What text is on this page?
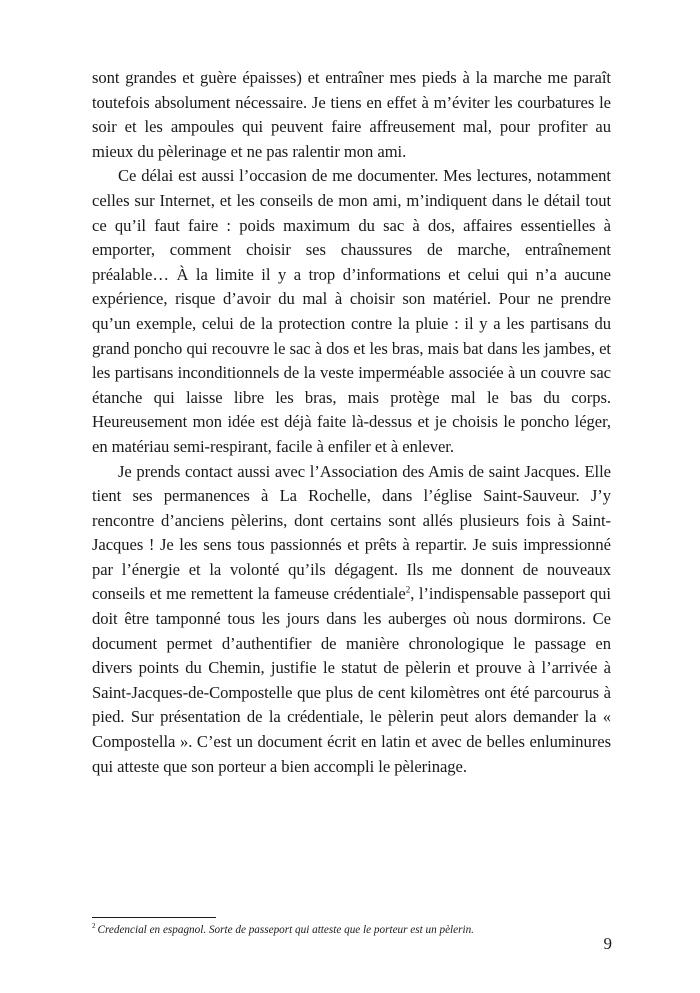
sont grandes et guère épaisses) et entraîner mes pieds à la marche me paraît toutefois absolument nécessaire. Je tiens en effet à m’éviter les courbatures le soir et les ampoules qui peuvent faire affreusement mal, pour profiter au mieux du pèlerinage et ne pas ralentir mon ami.

Ce délai est aussi l’occasion de me documenter. Mes lectures, notamment celles sur Internet, et les conseils de mon ami, m’indiquent dans le détail tout ce qu’il faut faire : poids maximum du sac à dos, affaires essentielles à emporter, comment choisir ses chaussures de marche, entraînement préalable… À la limite il y a trop d’informations et celui qui n’a aucune expérience, risque d’avoir du mal à choisir son matériel. Pour ne prendre qu’un exemple, celui de la protection contre la pluie : il y a les partisans du grand poncho qui recouvre le sac à dos et les bras, mais bat dans les jambes, et les partisans inconditionnels de la veste imperméable associée à un couvre sac étanche qui laisse libre les bras, mais protège mal le bas du corps. Heureusement mon idée est déjà faite là-dessus et je choisis le poncho léger, en matériau semi-respirant, facile à enfiler et à enlever.

Je prends contact aussi avec l’Association des Amis de saint Jacques. Elle tient ses permanences à La Rochelle, dans l’église Saint-Sauveur. J’y rencontre d’anciens pèlerins, dont certains sont allés plusieurs fois à Saint-Jacques ! Je les sens tous passionnés et prêts à repartir. Je suis impressionné par l’énergie et la volonté qu’ils dégagent. Ils me donnent de nouveaux conseils et me remettent la fameuse crédentiale$^2$, l’indispensable passeport qui doit être tamponné tous les jours dans les auberges où nous dormirons. Ce document permet d’authentifier de manière chronologique le passage en divers points du Chemin, justifie le statut de pèlerin et prouve à l’arrivée à Saint-Jacques-de-Compostelle que plus de cent kilomètres ont été parcourus à pied. Sur présentation de la crédentiale, le pèlerin peut alors demander la « Compostella ». C’est un document écrit en latin et avec de belles enluminures qui atteste que son porteur a bien accompli le pèlerinage.

$^2$ Credencial en espagnol. Sorte de passeport qui atteste que le porteur est un pèlerin.
9
